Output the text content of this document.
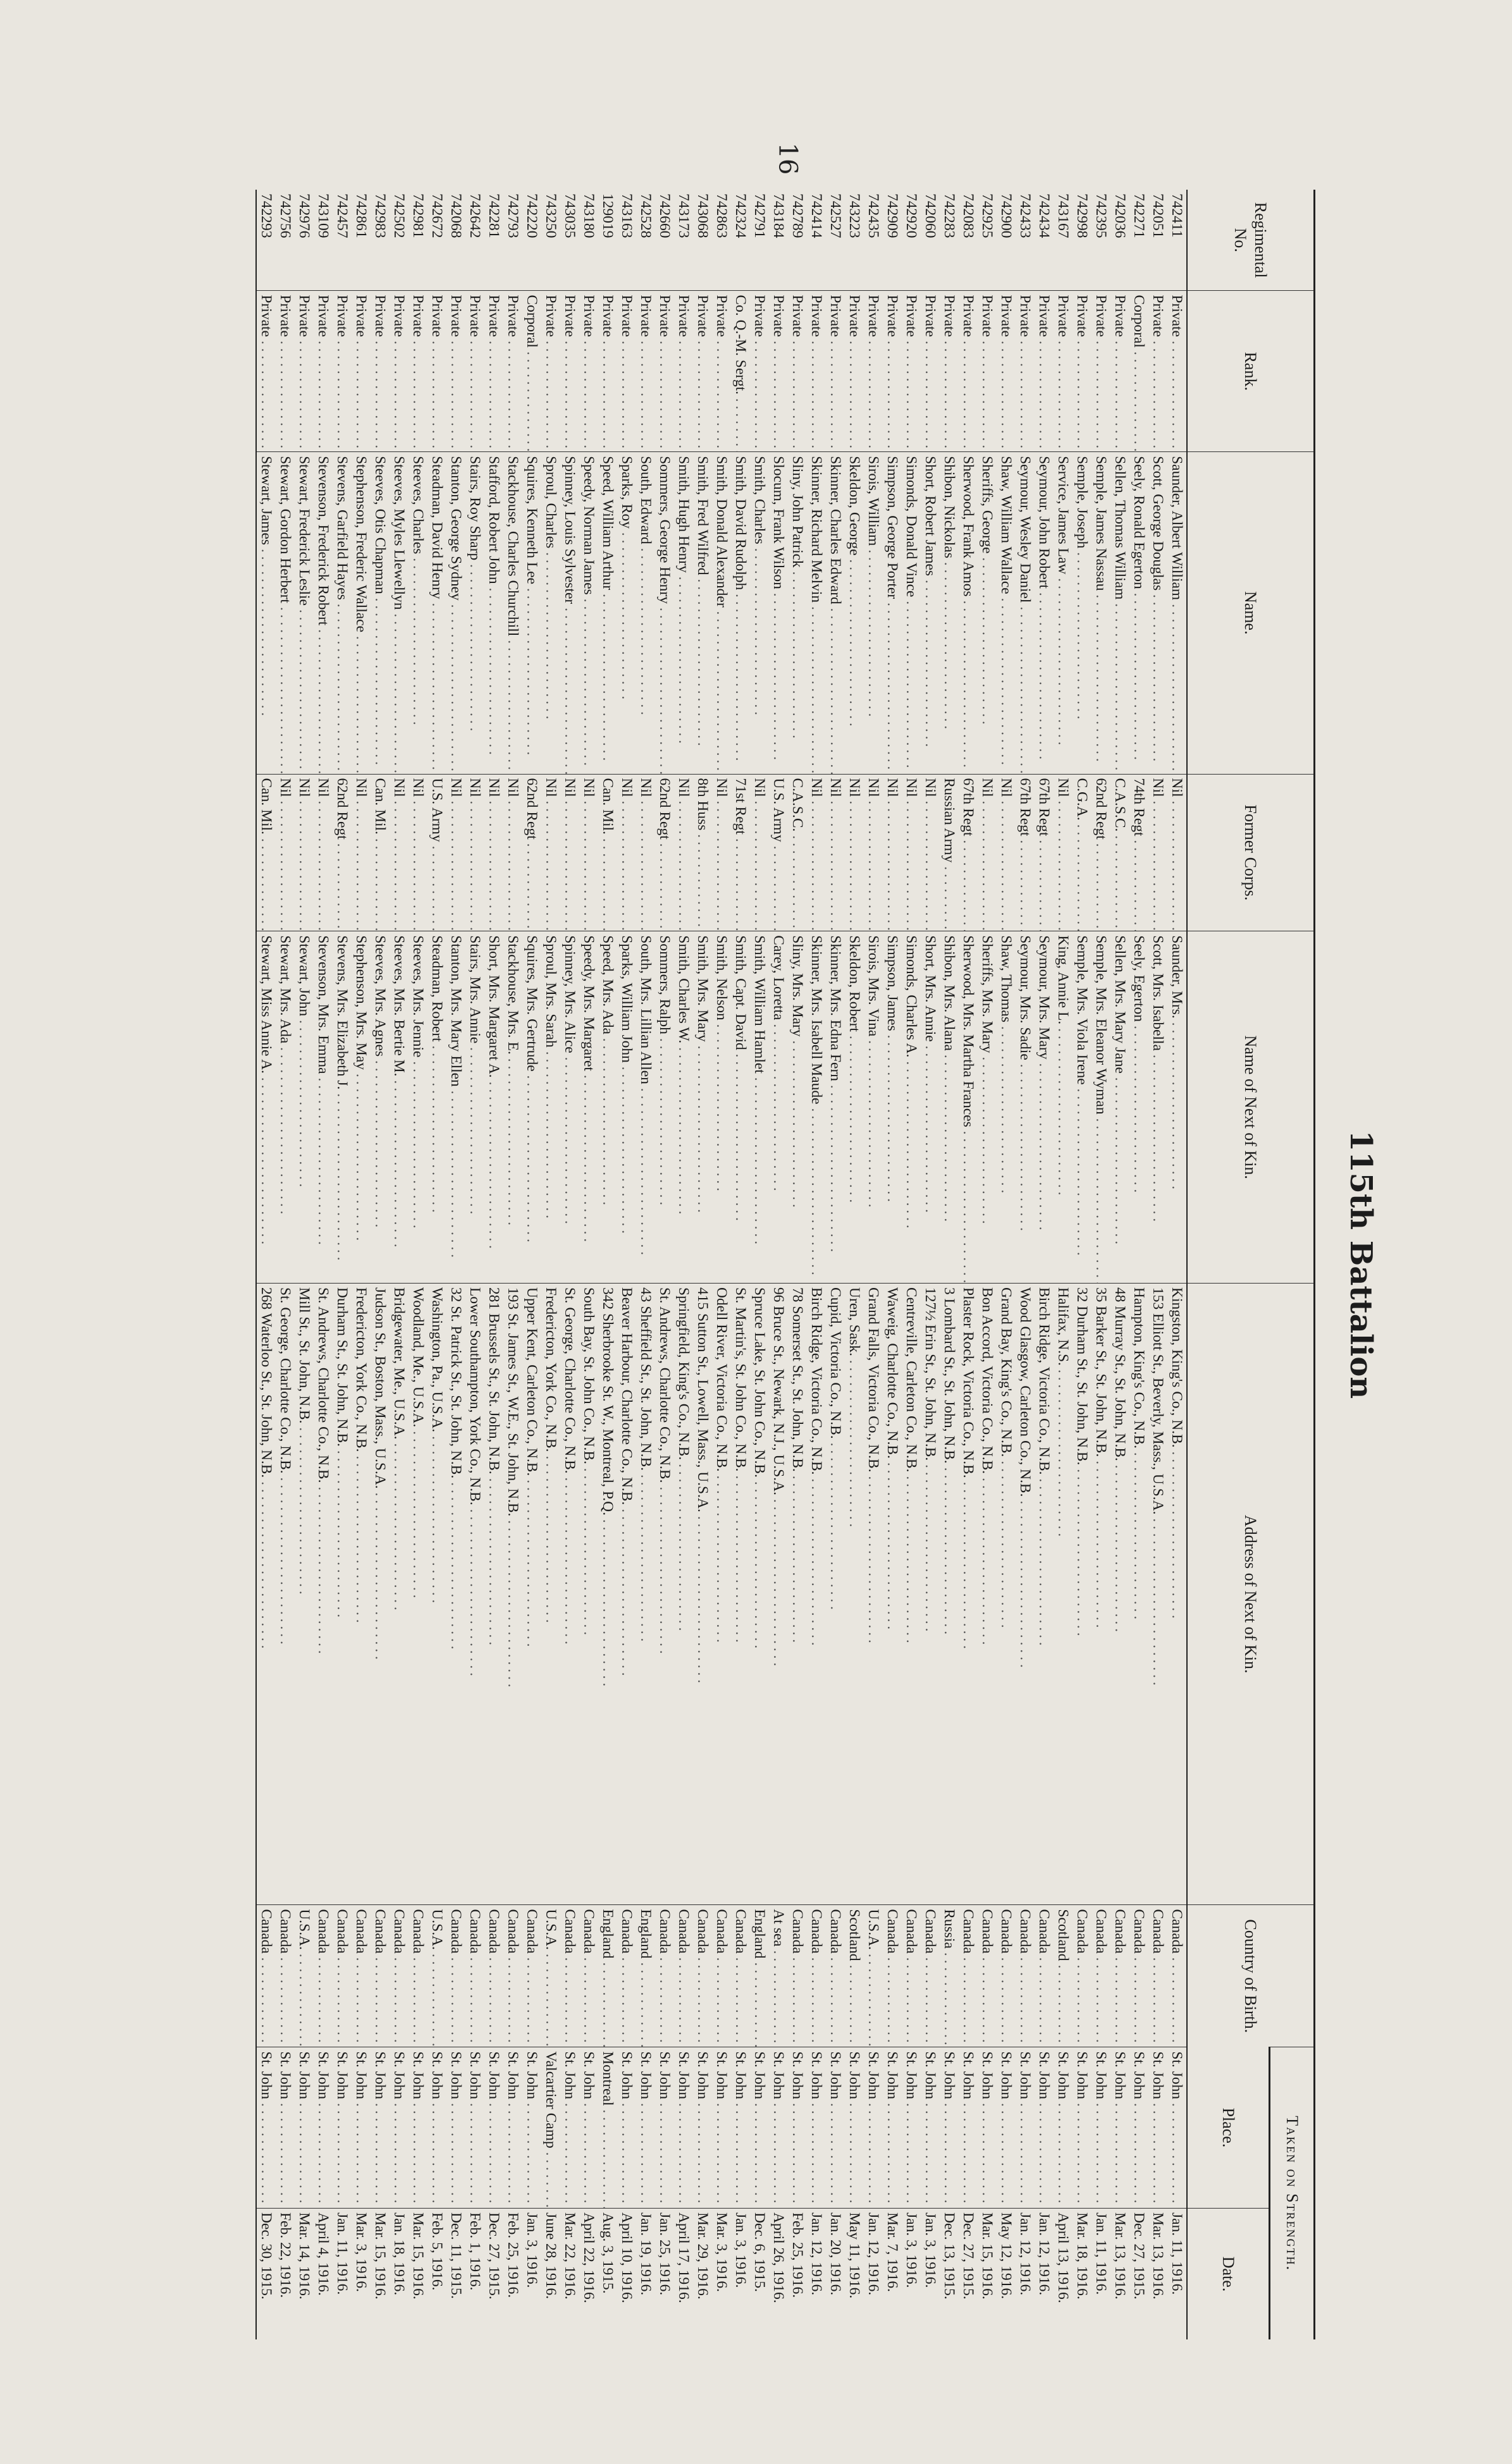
16
115th Battalion
Regimental No.	Rank.	Name.	Former Corps.	Name of Next of Kin.	Address of Next of Kin.	Country of Birth.	Taken on Strength.	
							Place.	Date.
742411	Private . . .	Saunder, Albert William . . .	Nil . . .	Saunder, Mrs. . . .	Kingston, King's Co., N.B. . . .	Canada . . .	St. John . . .	Jan. 11, 1916.
742051	Private . . .	Scott, George Douglas . . .	Nil . . .	Scott, Mrs. Isabella . . .	153 Elliott St., Beverly, Mass., U.S.A. . . .	Canada . . .	St. John . . .	Mar. 13, 1916.
742271	Corporal . . .	Seely, Ronald Egerton . . .	74th Regt . . .	Seely, Egerton . . .	Hampton, King's Co., N.B. . . .	Canada . . .	St. John . . .	Dec. 27, 1915.
742036	Private . . .	Sellen, Thomas William . . .	C.A.S.C. . . .	Sellen, Mrs. Mary Jane . . .	48 Murray St., St. John, N.B. . . .	Canada . . .	St. John . . .	Mar. 13, 1916.
742395	Private . . .	Semple, James Nassau . . .	62nd Regt . . .	Semple, Mrs. Eleanor Wyman . . .	35 Barker St., St. John, N.B. . . .	Canada . . .	St. John . . .	Jan. 11, 1916.
742998	Private . . .	Semple, Joseph . . .	C.G.A. . . .	Semple, Mrs. Viola Irene . . .	32 Durham St., St. John, N.B. . . .	Canada . . .	St. John . . .	Mar. 18, 1916.
743167	Private . . .	Service, James Law . . .	Nil . . .	King, Annie L. . . .	Halifax, N.S. . . .	Scotland . . .	St. John . . .	April 13, 1916.
742434	Private . . .	Seymour, John Robert . . .	67th Regt . . .	Seymour, Mrs. Mary . . .	Birch Ridge, Victoria Co., N.B. . . .	Canada . . .	St. John . . .	Jan. 12, 1916.
742433	Private . . .	Seymour, Wesley Daniel . . .	67th Regt . . .	Seymour, Mrs. Sadie . . .	Wood Glasgow, Carleton Co., N.B. . . .	Canada . . .	St. John . . .	Jan. 12, 1916.
742900	Private . . .	Shaw, William Wallace . . .	Nil . . .	Shaw, Thomas . . .	Grand Bay, King's Co., N.B. . . .	Canada . . .	St. John . . .	May 12, 1916.
742925	Private . . .	Sheriffs, George . . .	Nil . . .	Sheriffs, Mrs. Mary . . .	Bon Accord, Victoria Co., N.B. . . .	Canada . . .	St. John . . .	Mar. 15, 1916.
742083	Private . . .	Sherwood, Frank Amos . . .	67th Regt . . .	Sherwood, Mrs. Martha Frances . . .	Plaster Rock, Victoria Co., N.B. . . .	Canada . . .	St. John . . .	Dec. 27, 1915.
742283	Private . . .	Shibon, Nickolas . . .	Russian Army . . .	Shibon, Mrs. Alana . . .	3 Lombard St., St. John, N.B. . . .	Russia . . .	St. John . . .	Dec. 13, 1915.
742060	Private . . .	Short, Robert James . . .	Nil . . .	Short, Mrs. Annie . . .	127½ Erin St., St. John, N.B. . . .	Canada . . .	St. John . . .	Jan. 3, 1916.
742920	Private . . .	Simonds, Donald Vince . . .	Nil . . .	Simonds, Charles A. . . .	Centreville, Carleton Co., N.B. . . .	Canada . . .	St. John . . .	Jan. 3, 1916.
742909	Private . . .	Simpson, George Porter . . .	Nil . . .	Simpson, James . . .	Waweig, Charlotte Co., N.B. . . .	Canada . . .	St. John . . .	Mar. 7, 1916.
742435	Private . . .	Sirois, William . . .	Nil . . .	Sirois, Mrs. Vina . . .	Grand Falls, Victoria Co., N.B. . . .	U.S.A. . . .	St. John . . .	Jan. 12, 1916.
743223	Private . . .	Skeldon, George . . .	Nil . . .	Skeldon, Robert . . .	Uren, Sask. . . .	Scotland . . .	St. John . . .	May 11, 1916.
742527	Private . . .	Skinner, Charles Edward . . .	Nil . . .	Skinner, Mrs. Edna Fern . . .	Cupid, Victoria Co., N.B. . . .	Canada . . .	St. John . . .	Jan. 20, 1916.
742414	Private . . .	Skinner, Richard Melvin . . .	Nil . . .	Skinner, Mrs. Isabell Maude . . .	Birch Ridge, Victoria Co., N.B. . . .	Canada . . .	St. John . . .	Jan. 12, 1916.
742789	Private . . .	Sliny, John Patrick . . .	C.A.S.C. . . .	Sliny, Mrs. Mary . . .	78 Somerset St., St. John, N.B. . . .	Canada . . .	St. John . . .	Feb. 25, 1916.
743184	Private . . .	Slocum, Frank Wilson . . .	U.S. Army . . .	Carey, Loretta . . .	96 Bruce St., Newark, N.J., U.S.A. . . .	At sea . . .	St. John . . .	April 26, 1916.
742791	Private . . .	Smith, Charles . . .	Nil . . .	Smith, William Hamlet . . .	Spruce Lake, St. John Co., N.B. . . .	England . . .	St. John . . .	Dec. 6, 1915.
742324	Co. Q.-M. Sergt. . . .	Smith, David Rudolph . . .	71st Regt . . .	Smith, Capt. David . . .	St. Martin's, St. John Co., N.B. . . .	Canada . . .	St. John . . .	Jan. 3, 1916.
742863	Private . . .	Smith, Donald Alexander . . .	Nil . . .	Smith, Nelson . . .	Odell River, Victoria Co., N.B. . . .	Canada . . .	St. John . . .	Mar. 3, 1916.
743068	Private . . .	Smith, Fred Wilfred . . .	8th Huss . . .	Smith, Mrs. Mary . . .	415 Sutton St., Lowell, Mass., U.S.A. . . .	Canada . . .	St. John . . .	Mar. 29, 1916.
743173	Private . . .	Smith, Hugh Henry . . .	Nil . . .	Smith, Charles W. . . .	Springfield, King's Co., N.B. . . .	Canada . . .	St. John . . .	April 17, 1916.
742660	Private . . .	Sommers, George Henry . . .	62nd Regt . . .	Sommers, Ralph . . .	St. Andrews, Charlotte Co., N.B. . . .	Canada . . .	St. John . . .	Jan. 25, 1916.
742528	Private . . .	South, Edward . . .	Nil . . .	South, Mrs. Lillian Allen . . .	43 Sheffield St., St. John, N.B. . . .	England . . .	St. John . . .	Jan. 19, 1916.
743163	Private . . .	Sparks, Roy . . .	Nil . . .	Sparks, William John . . .	Beaver Harbour, Charlotte Co., N.B. . . .	Canada . . .	St. John . . .	April 10, 1916.
129019	Private . . .	Speed, William Arthur . . .	Can. Mil. . . .	Speed, Mrs. Ada . . .	342 Sherbrooke St. W., Montreal, P.Q. . . .	England . . .	Montreal . . .	Aug. 3, 1915.
743180	Private . . .	Speedy, Norman James . . .	Nil . . .	Speedy, Mrs. Margaret . . .	South Bay, St. John Co., N.B. . . .	Canada . . .	St. John . . .	April 22, 1916.
743035	Private . . .	Spinney, Louis Sylvester . . .	Nil . . .	Spinney, Mrs. Alice . . .	St. George, Charlotte Co., N.B. . . .	Canada . . .	St. John . . .	Mar. 22, 1916.
743250	Private . . .	Sproul, Charles . . .	Nil . . .	Sproul, Mrs. Sarah . . .	Fredericton, York Co., N.B. . . .	U.S.A. . . .	Valcartier Camp . . .	June 28, 1916.
742220	Corporal . . .	Squires, Kenneth Lee . . .	62nd Regt . . .	Squires, Mrs. Gertrude . . .	Upper Kent, Carleton Co., N.B. . . .	Canada . . .	St. John . . .	Jan. 3, 1916.
742793	Private . . .	Stackhouse, Charles Churchill . . .	Nil . . .	Stackhouse, Mrs. E. . . .	193 St. James St., W.E., St. John, N.B. . . .	Canada . . .	St. John . . .	Feb. 25, 1916.
742281	Private . . .	Stafford, Robert John . . .	Nil . . .	Short, Mrs. Margaret A. . . .	281 Brussels St., St. John, N.B. . . .	Canada . . .	St. John . . .	Dec. 27, 1915.
742642	Private . . .	Stairs, Roy Sharp . . .	Nil . . .	Stairs, Mrs. Annie . . .	Lower Southampton, York Co., N.B. . . .	Canada . . .	St. John . . .	Feb. 1, 1916.
742068	Private . . .	Stanton, George Sydney . . .	Nil . . .	Stanton, Mrs. Mary Ellen . . .	32 St. Patrick St., St. John, N.B. . . .	Canada . . .	St. John . . .	Dec. 11, 1915.
742672	Private . . .	Steadman, David Henry . . .	U.S. Army . . .	Steadman, Robert . . .	Washington, Pa., U.S.A. . . .	U.S.A. . . .	St. John . . .	Feb. 5, 1916.
742981	Private . . .	Steeves, Charles . . .	Nil . . .	Steeves, Mrs. Jennie . . .	Woodland, Me., U.S.A. . . .	Canada . . .	St. John . . .	Mar. 15, 1916.
742502	Private . . .	Steeves, Myles Llewellyn . . .	Nil . . .	Steeves, Mrs. Bertie M. . . .	Bridgewater, Me., U.S.A. . . .	Canada . . .	St. John . . .	Jan. 18, 1916.
742983	Private . . .	Steeves, Otis Chapman . . .	Can. Mil. . . .	Steeves, Mrs. Agnes . . .	Judson St., Boston, Mass., U.S.A. . . .	Canada . . .	St. John . . .	Mar. 15, 1916.
742861	Private . . .	Stephenson, Frederic Wallace . . .	Nil . . .	Stephenson, Mrs. May . . .	Fredericton, York Co., N.B. . . .	Canada . . .	St. John . . .	Mar. 3, 1916.
742457	Private . . .	Stevens, Garfield Hayes . . .	62nd Regt . . .	Stevens, Mrs. Elizabeth J. . . .	Durham St., St. John, N.B. . . .	Canada . . .	St. John . . .	Jan. 11, 1916.
743109	Private . . .	Stevenson, Frederick Robert . . .	Nil . . .	Stevenson, Mrs. Emma . . .	St. Andrews, Charlotte Co., N.B. . . .	Canada . . .	St. John . . .	April 4, 1916.
742976	Private . . .	Stewart, Frederick Leslie . . .	Nil . . .	Stewart, John . . .	Mill St., St. John, N.B. . . .	U.S.A. . . .	St. John . . .	Mar. 14, 1916.
742756	Private . . .	Stewart, Gordon Herbert . . .	Nil . . .	Stewart, Mrs. Ada . . .	St. George, Charlotte Co., N.B. . . .	Canada . . .	St. John . . .	Feb. 22, 1916.
742293	Private . . .	Stewart, James . . .	Can. Mil. . . .	Stewart, Miss Annie A. . . .	268 Waterloo St., St. John, N.B. . . .	Canada . . .	St. John . . .	Dec. 30, 1915.
